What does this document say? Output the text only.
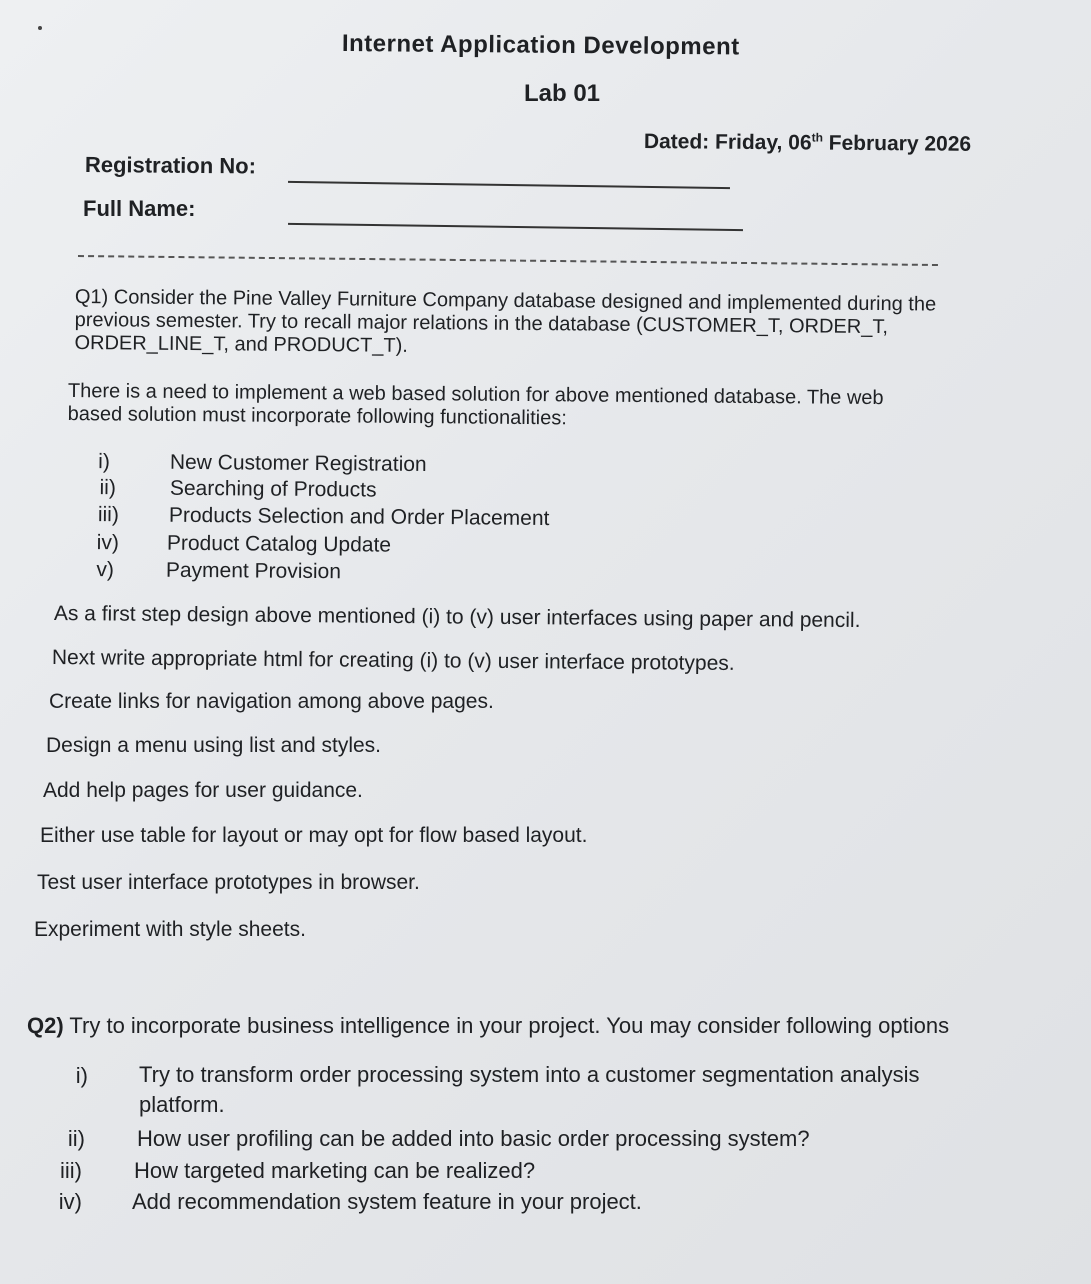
Internet Application Development
Lab 01
Dated: Friday, 06th February 2026
Registration No:
Full Name:

Q1) Consider the Pine Valley Furniture Company database designed and implemented during the

previous semester. Try to recall major relations in the database (CUSTOMER_T, ORDER_T,

ORDER_LINE_T, and PRODUCT_T).

There is a need to implement a web based solution for above mentioned database. The web

based solution must incorporate following functionalities:

i)	New Customer Registration
ii)	Searching of Products
iii) Products Selection and Order Placement
iv) Product Catalog Update
v) Payment Provision
As a first step design above mentioned (i) to (v) user interfaces using paper and pencil.
Next write appropriate html for creating (i) to (v) user interface prototypes.
Create links for navigation among above pages.
Design a menu using list and styles.
Add help pages for user guidance.
Either use table for layout or may opt for flow based layout.
Test user interface prototypes in browser.
Experiment with style sheets.
Q2) Try to incorporate business intelligence in your project. You may consider following options
i) Try to transform order processing system into a customer segmentation analysis
platform.
ii) How user profiling can be added into basic order processing system?
iii) How targeted marketing can be realized?
iv) Add recommendation system feature in your project.
